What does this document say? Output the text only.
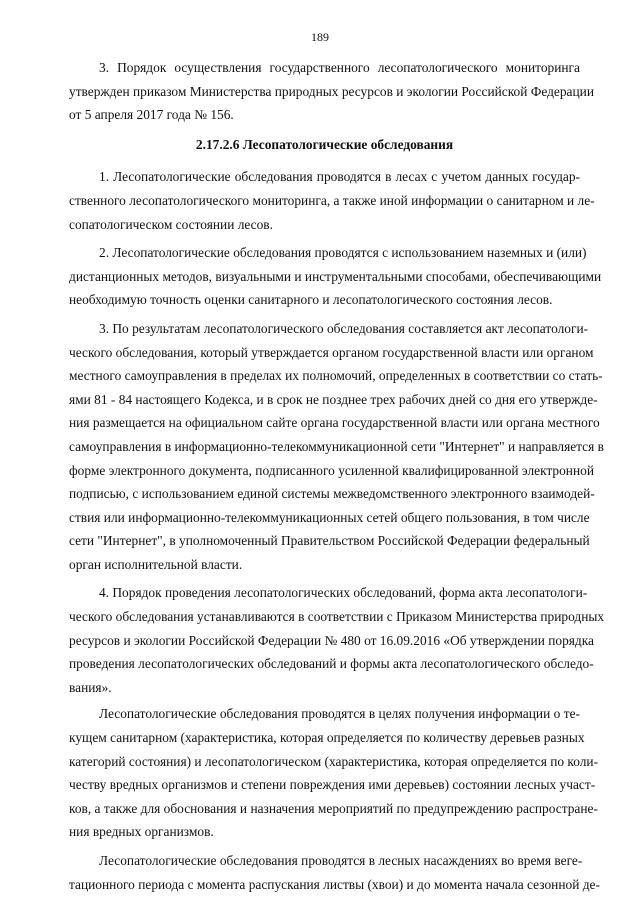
189
3. Порядок осуществления государственного лесопатологического мониторинга
утвержден приказом Министерства природных ресурсов и экологии Российской Федерации
от 5 апреля 2017 года № 156.
2.17.2.6 Лесопатологические обследования
1. Лесопатологические обследования проводятся в лесах с учетом данных государ-
ственного лесопатологического мониторинга, а также иной информации о санитарном и ле-
сопатологическом состоянии лесов.
2. Лесопатологические обследования проводятся с использованием наземных и (или)
дистанционных методов, визуальными и инструментальными способами, обеспечивающими
необходимую точность оценки санитарного и лесопатологического состояния лесов.
3. По результатам лесопатологического обследования составляется акт лесопатологи-
ческого обследования, который утверждается органом государственной власти или органом
местного самоуправления в пределах их полномочий, определенных в соответствии со стать-
ями 81 - 84 настоящего Кодекса, и в срок не позднее трех рабочих дней со дня его утвержде-
ния размещается на официальном сайте органа государственной власти или органа местного
самоуправления в информационно-телекоммуникационной сети "Интернет" и направляется в
форме электронного документа, подписанного усиленной квалифицированной электронной
подписью, с использованием единой системы межведомственного электронного взаимодей-
ствия или информационно-телекоммуникационных сетей общего пользования, в том числе
сети "Интернет", в уполномоченный Правительством Российской Федерации федеральный
орган исполнительной власти.
4. Порядок проведения лесопатологических обследований, форма акта лесопатологи-
ческого обследования устанавливаются в соответствии с Приказом Министерства природных
ресурсов и экологии Российской Федерации № 480 от 16.09.2016 «Об утверждении порядка
проведения лесопатологических обследований и формы акта лесопатологического обследо-
вания».
Лесопатологические обследования проводятся в целях получения информации о те-
кущем санитарном (характеристика, которая определяется по количеству деревьев разных
категорий состояния) и лесопатологическом (характеристика, которая определяется по коли-
честву вредных организмов и степени повреждения ими деревьев) состоянии лесных участ-
ков, а также для обоснования и назначения мероприятий по предупреждению распростране-
ния вредных организмов.
Лесопатологические обследования проводятся в лесных насаждениях во время веге-
тационного периода с момента распускания листвы (хвои) и до момента начала сезонной де-
